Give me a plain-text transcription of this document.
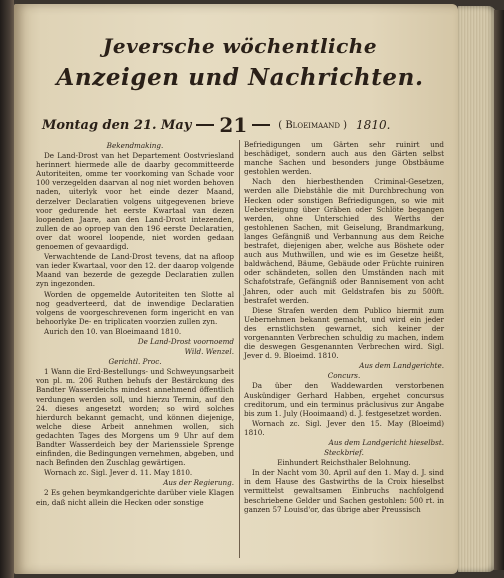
Jeversche wöchentliche
Anzeigen und Nachrichten.
Montag den 21. May 21	( Bloeimaand ) 1810.

Bekendmaking.

De Land-Drost van het Departement Oostvriesland herinnert hiermede alle de daarby gecommitteerde Autoriteiten, omme ter voorkoming van Schade voor 100 verzegelden daarvan al nog niet worden behoven naden, uiterlyk voor het einde dezer Maand, derzelver Declaratien volgens uitgegevenen brieve voor gedurende het eerste Kwartaal van dezen loopenden Jaare, aan den Land-Drost intezenden, zullen de ao oproep van den 196 eerste Declaratien, over dat woorel loopende, niet worden gedaan genoemen of gevaardigd.

Verwachtende de Land-Drost tevens, dat na afloop van ieder Kwartaal, voor den 12. der daarop volgende Maand van bezerde de gezegde Declaratien zullen zyn ingezonden.

Worden de opgemelde Autoriteiten ten Slotte al nog geadverteerd, dat de inwendige Declaratien volgens de voorgeschrevenen form ingericht en van behoorlyke De- en triplicaten voorzien zullen zyn.

Aurich den 10. van Bloeimaand 1810.

De Land-Drost voornoemd

Wild. Wenzel.

Gerichtl. Proc.

1 Wann die Erd-Bestellungs- und Schweyungsarbeit von pl. m. 206 Ruthen behufs der Bestärckung des Bandter Wasserdeichs mindest annehmend öffentlich verdungen werden soll, und hierzu Termin, auf den 24. dieses angesetzt worden; so wird solches hierdurch bekannt gemacht, und können diejenige, welche diese Arbeit annehmen wollen, sich gedachten Tages des Morgens um 9 Uhr auf dem Bandter Wasserdeich bey der Marienssiele Sprenge einfinden, die Bedingungen vernehmen, abgeben, und nach Befinden den Zuschlag gewärtigen.

Wornach zc. Sigl. Jever d. 11. May 1810.

Aus der Regierung.

2 Es gehen beymkandgerichte darüber viele Klagen ein, daß nicht allein die Hecken oder sonstige

Befriedigungen um Gärten sehr ruinirt und beschädiget, sondern auch aus den Gärten selbst manche Sachen und besonders junge Obstbäume gestohlen werden.

Nach den hierbesthenden Criminal-Gesetzen, werden alle Diebstähle die mit Durchbrechung von Hecken oder sonstigen Befriedigungen, so wie mit Uebersteigung über Gräben oder Schlöte begangen werden, ohne Unterschied des Werths der gestohlenen Sachen, mit Geiselung, Brandmarkung, langes Gefängniß und Verbannung aus dem Reiche bestrafet, diejenigen aber, welche aus Böshete oder auch aus Muthwillen, und wie es im Gesetze heißt, baldwächend, Bäume, Gebäude oder Früchte ruiniren oder schändeten, sollen den Umständen nach mit Schafotstrafe, Gefängniß oder Bannisement von acht Jahren, oder auch mit Geldstrafen bis zu 500ft. bestrafet werden.

Diese Strafen werden dem Publico hiermit zum Uebernehmen bekannt gemacht, und wird ein jeder des ernstlichsten gewarnet, sich keiner der vorgenannten Verbrechen schuldig zu machen, indem die deswegen Gesgenannten Verbrechen wird. Sigl. Jever d. 9. Bloeimd. 1810.

Aus dem Landgerichte.

Concurs.

Da über den Waddewarden verstorbenen Auskündiger Gerhard Habben, ergehet concursus creditorum, und ein terminus präclusivus zur Angabe bis zum 1. July (Hooimaand) d. J. festgesetzet worden.

Wornach zc. Sigl. Jever den 15. May (Bloeimd) 1810.

Aus dem Landgericht hieselbst.

Steckbrief.

Einhundert Reichsthaler Belohnung.

In der Nacht vom 30. April auf den 1. May d. J. sind in dem Hause des Gastwirths de la Croix hieselbst vermittelst gewaltsamen Einbruchs nachfolgend beschriebene Gelder und Sachen gestohlen: 500 rt. in ganzen 57 Louisd'or, das übrige aber Preussisch
